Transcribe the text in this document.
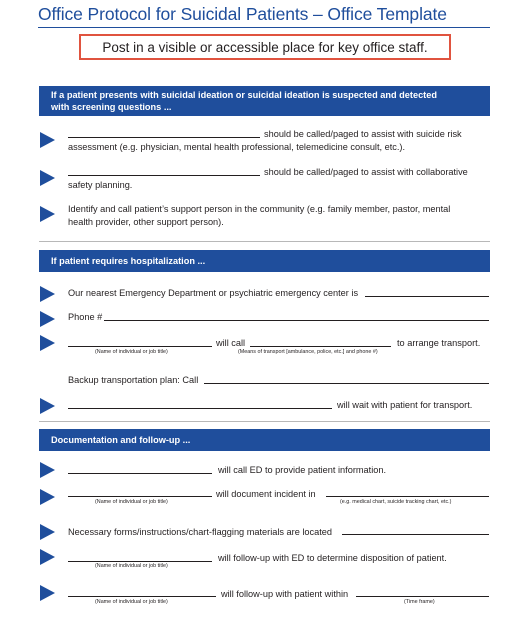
Office Protocol for Suicidal Patients – Office Template
Post in a visible or accessible place for key office staff.
If a patient presents with suicidal ideation or suicidal ideation is suspected and detected
with screening questions ...
should be called/paged to assist with suicide risk
assessment (e.g. physician, mental health professional, telemedicine consult, etc.).
should be called/paged to assist with collaborative
safety planning.
Identify and call patient’s support person in the community (e.g. family member, pastor, mental
health provider, other support person).
If patient requires hospitalization ...
Our nearest Emergency Department or psychiatric emergency center is
Phone #
will call	to arrange transport.
(Name of individual or job title)	(Means of transport [ambulance, police, etc.] and phone #)
Backup transportation plan: Call
will wait with patient for transport.
Documentation and follow-up ...
will call ED to provide patient information.
will document incident in
(Name of individual or job title)	(e.g. medical chart, suicide tracking chart, etc.)
Necessary forms/instructions/chart-flagging materials are located
will follow-up with ED to determine disposition of patient.
(Name of individual or job title)
will follow-up with patient within
(Name of individual or job title)	(Time frame)
